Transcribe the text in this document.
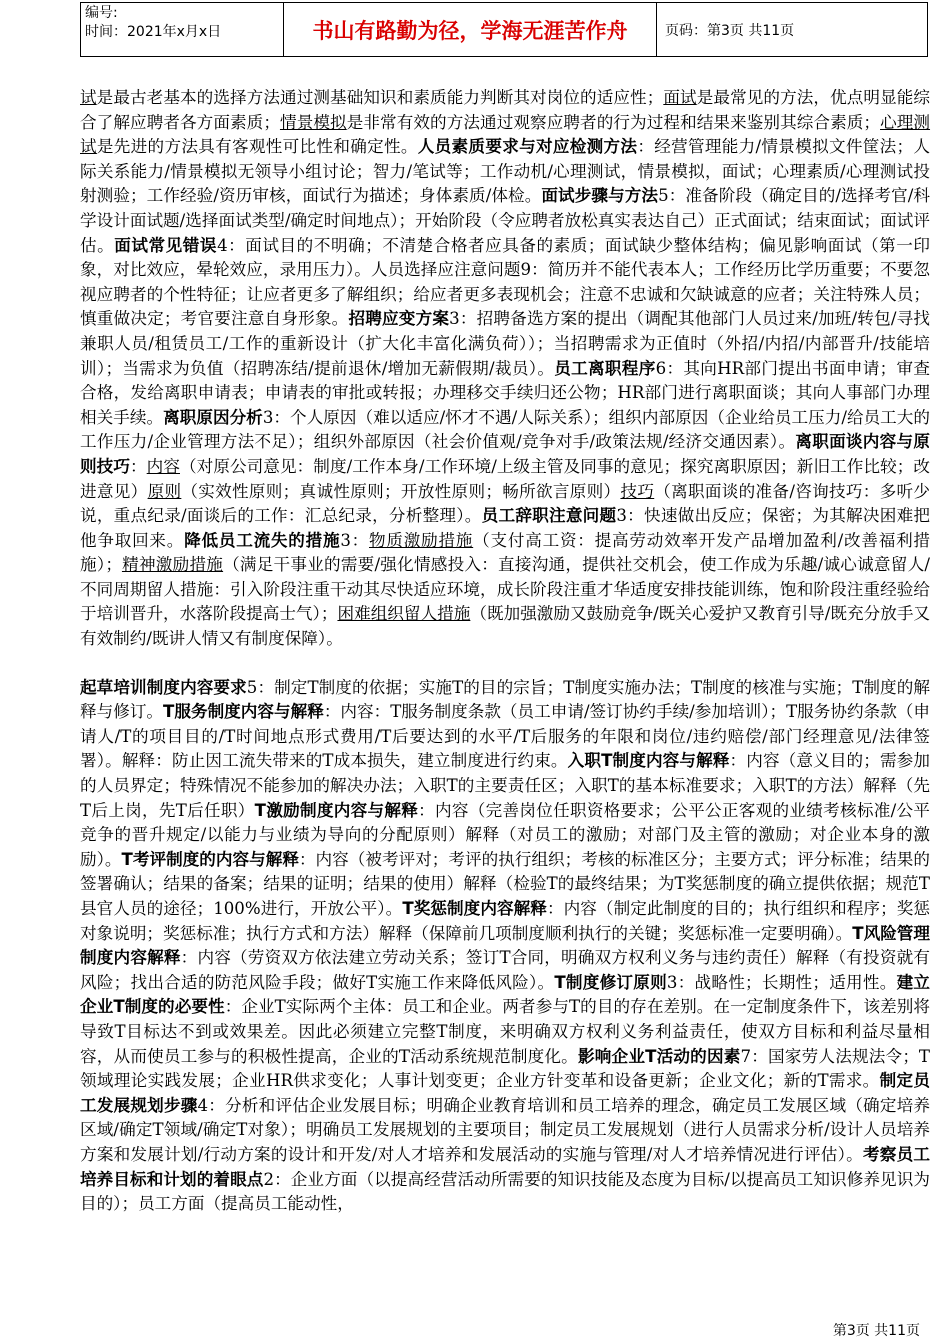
编号:
时间：2021年x月x日	书山有路勤为径，学海无涯苦作舟	页码：第3页 共11页

试是最古老基本的选择方法通过测基础知识和素质能力判断其对岗位的适应性；面试是最常见的方法，优点明显能综合了解应聘者各方面素质；情景模拟是非常有效的方法通过观察应聘者的行为过程和结果来鉴别其综合素质；心理测试是先进的方法具有客观性可比性和确定性。人员素质要求与对应检测方法：经营管理能力/情景模拟文件筐法；人际关系能力/情景模拟无领导小组讨论；智力/笔试等；工作动机/心理测试，情景模拟，面试；心理素质/心理测试投射测验；工作经验/资历审核，面试行为描述；身体素质/体检。面试步骤与方法5：准备阶段（确定目的/选择考官/科学设计面试题/选择面试类型/确定时间地点）；开始阶段（令应聘者放松真实表达自己）正式面试；结束面试；面试评估。面试常见错误4：面试目的不明确；不清楚合格者应具备的素质；面试缺少整体结构；偏见影响面试（第一印象，对比效应，晕轮效应，录用压力）。人员选择应注意问题9：简历并不能代表本人；工作经历比学历重要；不要忽视应聘者的个性特征；让应者更多了解组织；给应者更多表现机会；注意不忠诚和欠缺诚意的应者；关注特殊人员；慎重做决定；考官要注意自身形象。招聘应变方案3：招聘备选方案的提出（调配其他部门人员过来/加班/转包/寻找兼职人员/租赁员工/工作的重新设计（扩大化丰富化满负荷））；当招聘需求为正值时（外招/内招/内部晋升/技能培训）；当需求为负值（招聘冻结/提前退休/增加无薪假期/裁员）。员工离职程序6：其向HR部门提出书面申请；审查合格，发给离职申请表；申请表的审批或转报；办理移交手续归还公物；HR部门进行离职面谈；其向人事部门办理相关手续。离职原因分析3：个人原因（难以适应/怀才不遇/人际关系）；组织内部原因（企业给员工压力/给员工大的工作压力/企业管理方法不足）；组织外部原因（社会价值观/竞争对手/政策法规/经济交通因素）。离职面谈内容与原则技巧：内容（对原公司意见：制度/工作本身/工作环境/上级主管及同事的意见；探究离职原因；新旧工作比较；改进意见）原则（实效性原则；真诚性原则；开放性原则；畅所欲言原则）技巧（离职面谈的准备/咨询技巧：多听少说，重点纪录/面谈后的工作：汇总纪录，分析整理）。员工辞职注意问题3：快速做出反应；保密；为其解决困难把他争取回来。降低员工流失的措施3：物质激励措施（支付高工资：提高劳动效率开发产品增加盈利/改善福利措施）；精神激励措施（满足干事业的需要/强化情感投入：直接沟通，提供社交机会，使工作成为乐趣/诚心诚意留人/不同周期留人措施：引入阶段注重干动其尽快适应环境，成长阶段注重才华适度安排技能训练，饱和阶段注重经验给于培训晋升，水落阶段提高士气）；困难组织留人措施（既加强激励又鼓励竞争/既关心爱护又教育引导/既充分放手又有效制约/既讲人情又有制度保障）。

起草培训制度内容要求5：制定T制度的依据；实施T的目的宗旨；T制度实施办法；T制度的核准与实施；T制度的解释与修订。T服务制度内容与解释：内容：T服务制度条款（员工申请/签订协约手续/参加培训）；T服务协约条款（申请人/T的项目目的/T时间地点形式费用/T后要达到的水平/T后服务的年限和岗位/违约赔偿/部门经理意见/法律签署）。解释：防止因工流失带来的T成本损失，建立制度进行约束。入职T制度内容与解释：内容（意义目的；需参加的人员界定；特殊情况不能参加的解决办法；入职T的主要责任区；入职T的基本标准要求；入职T的方法）解释（先T后上岗，先T后任职）T激励制度内容与解释：内容（完善岗位任职资格要求；公平公正客观的业绩考核标准/公平竞争的晋升规定/以能力与业绩为导向的分配原则）解释（对员工的激励；对部门及主管的激励；对企业本身的激励）。T考评制度的内容与解释：内容（被考评对；考评的执行组织；考核的标准区分；主要方式；评分标准；结果的签署确认；结果的备案；结果的证明；结果的使用）解释（检验T的最终结果；为T奖惩制度的确立提供依据；规范T县官人员的途径；100%进行，开放公平）。T奖惩制度内容解释：内容（制定此制度的目的；执行组织和程序；奖惩对象说明；奖惩标准；执行方式和方法）解释（保障前几项制度顺利执行的关键；奖惩标准一定要明确）。T风险管理制度内容解释：内容（劳资双方依法建立劳动关系；签订T合同，明确双方权利义务与违约责任）解释（有投资就有风险；找出合适的防范风险手段；做好T实施工作来降低风险）。T制度修订原则3：战略性；长期性；适用性。建立企业T制度的必要性：企业T实际两个主体：员工和企业。两者参与T的目的存在差别。在一定制度条件下，该差别将导致T目标达不到或效果差。因此必须建立完整T制度，来明确双方权利义务利益责任，使双方目标和利益尽量相容，从而使员工参与的积极性提高，企业的T活动系统规范制度化。影响企业T活动的因素7：国家劳人法规法令；T领域理论实践发展；企业HR供求变化；人事计划变更；企业方针变革和设备更新；企业文化；新的T需求。制定员工发展规划步骤4：分析和评估企业发展目标；明确企业教育培训和员工培养的理念，确定员工发展区域（确定培养区域/确定T领域/确定T对象）；明确员工发展规划的主要项目；制定员工发展规划（进行人员需求分析/设计人员培养方案和发展计划/行动方案的设计和开发/对人才培养和发展活动的实施与管理/对人才培养情况进行评估）。考察员工培养目标和计划的着眼点2：企业方面（以提高经营活动所需要的知识技能及态度为目标/以提高员工知识修养见识为目的）；员工方面（提高员工能动性，

第3页 共11页
